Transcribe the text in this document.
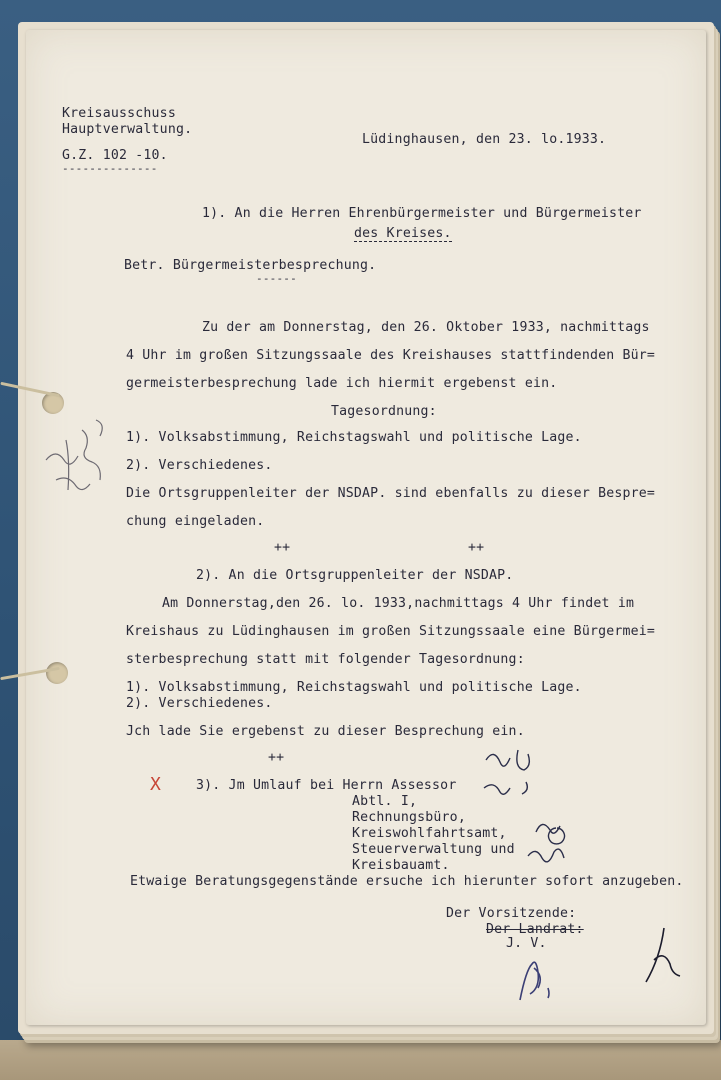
Kreisausschuss
Hauptverwaltung.
G.Z. 102 -10.
--------------
Lüdinghausen, den 23. lo.1933.
1). An die Herren Ehrenbürgermeister und Bürgermeister
des Kreises.
Betr. Bürgermeisterbesprechung.
------
Zu der am Donnerstag, den 26. Oktober 1933, nachmittags
4 Uhr im großen Sitzungssaale des Kreishauses stattfindenden Bür=
germeisterbesprechung lade ich hiermit ergebenst ein.
Tagesordnung:
1). Volksabstimmung, Reichstagswahl und politische Lage.
2). Verschiedenes.
Die Ortsgruppenleiter der NSDAP. sind ebenfalls zu dieser Bespre=
chung eingeladen.
++	++
2). An die Ortsgruppenleiter der NSDAP.
Am Donnerstag,den 26. lo. 1933,nachmittags 4 Uhr findet im
Kreishaus zu Lüdinghausen im großen Sitzungssaale eine Bürgermei=
sterbesprechung statt mit folgender Tagesordnung:
1). Volksabstimmung, Reichstagswahl und politische Lage.
2). Verschiedenes.
Jch lade Sie ergebenst zu dieser Besprechung ein.
++
X	3). Jm Umlauf bei Herrn Assessor
Abtl. I,
Rechnungsbüro,
Kreiswohlfahrtsamt,
Steuerverwaltung und
Kreisbauamt.
Etwaige Beratungsgegenstände ersuche ich hierunter sofort anzugeben.
Der Vorsitzende:
Der Landrat:
J. V.
